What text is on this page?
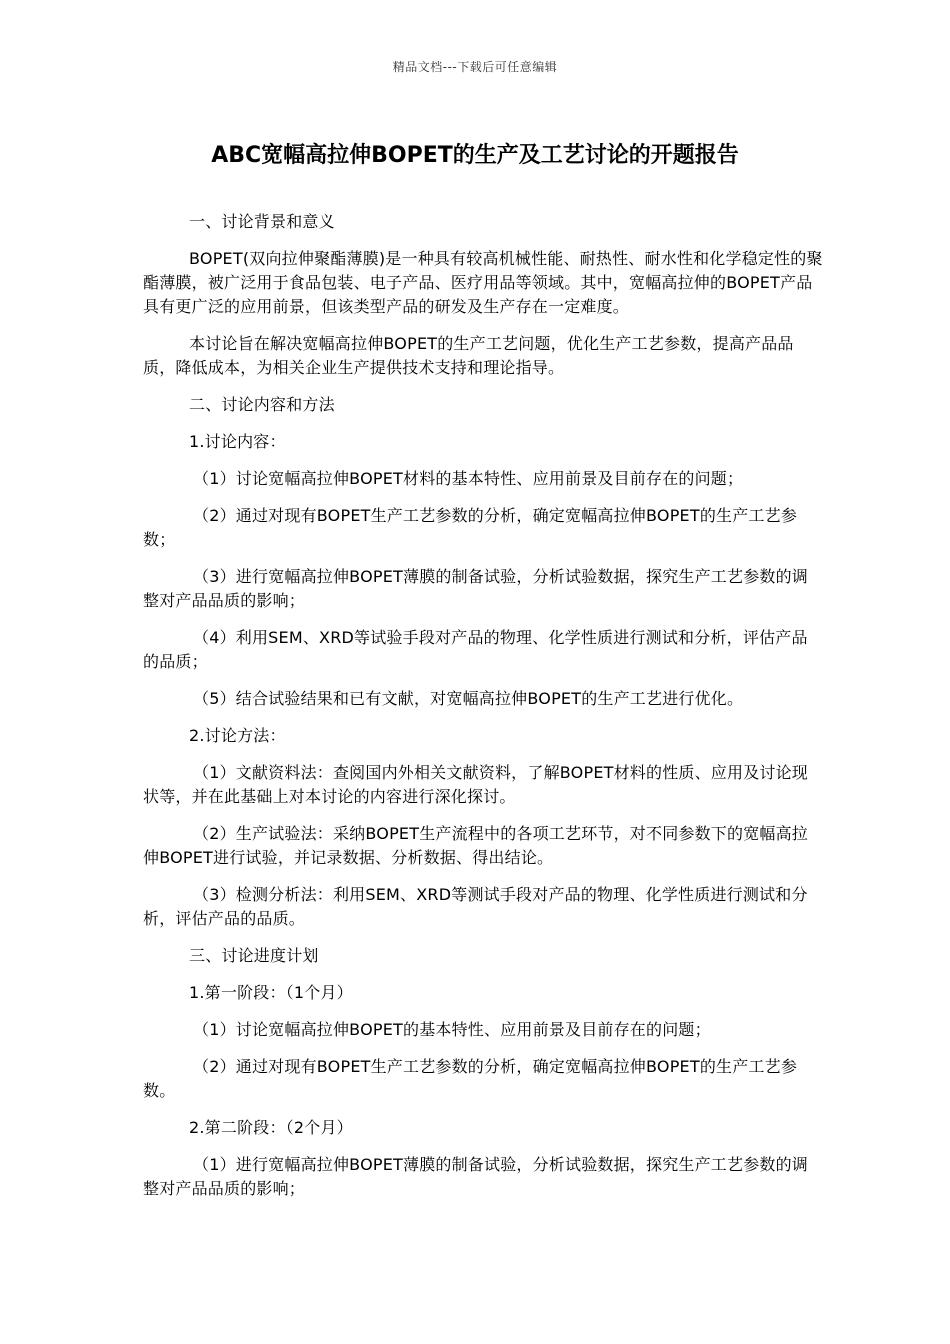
精品文档---下载后可任意编辑
ABC宽幅高拉伸BOPET的生产及工艺讨论的开题报告

一、讨论背景和意义

BOPET(双向拉伸聚酯薄膜)是一种具有较高机械性能、耐热性、耐水性和化学稳定性的聚酯薄膜，被广泛用于食品包装、电子产品、医疗用品等领域。其中，宽幅高拉伸的BOPET产品具有更广泛的应用前景，但该类型产品的研发及生产存在一定难度。

本讨论旨在解决宽幅高拉伸BOPET的生产工艺问题，优化生产工艺参数，提高产品品质，降低成本，为相关企业生产提供技术支持和理论指导。

二、讨论内容和方法

1.讨论内容：

（1）讨论宽幅高拉伸BOPET材料的基本特性、应用前景及目前存在的问题；

（2）通过对现有BOPET生产工艺参数的分析，确定宽幅高拉伸BOPET的生产工艺参数；

（3）进行宽幅高拉伸BOPET薄膜的制备试验，分析试验数据，探究生产工艺参数的调整对产品品质的影响；

（4）利用SEM、XRD等试验手段对产品的物理、化学性质进行测试和分析，评估产品的品质；

（5）结合试验结果和已有文献，对宽幅高拉伸BOPET的生产工艺进行优化。

2.讨论方法：

（1）文献资料法：查阅国内外相关文献资料，了解BOPET材料的性质、应用及讨论现状等，并在此基础上对本讨论的内容进行深化探讨。

（2）生产试验法：采纳BOPET生产流程中的各项工艺环节，对不同参数下的宽幅高拉伸BOPET进行试验，并记录数据、分析数据、得出结论。

（3）检测分析法：利用SEM、XRD等测试手段对产品的物理、化学性质进行测试和分析，评估产品的品质。

三、讨论进度计划

1.第一阶段：（1个月）

（1）讨论宽幅高拉伸BOPET的基本特性、应用前景及目前存在的问题；

（2）通过对现有BOPET生产工艺参数的分析，确定宽幅高拉伸BOPET的生产工艺参数。

2.第二阶段：（2个月）

（1）进行宽幅高拉伸BOPET薄膜的制备试验，分析试验数据，探究生产工艺参数的调整对产品品质的影响；
